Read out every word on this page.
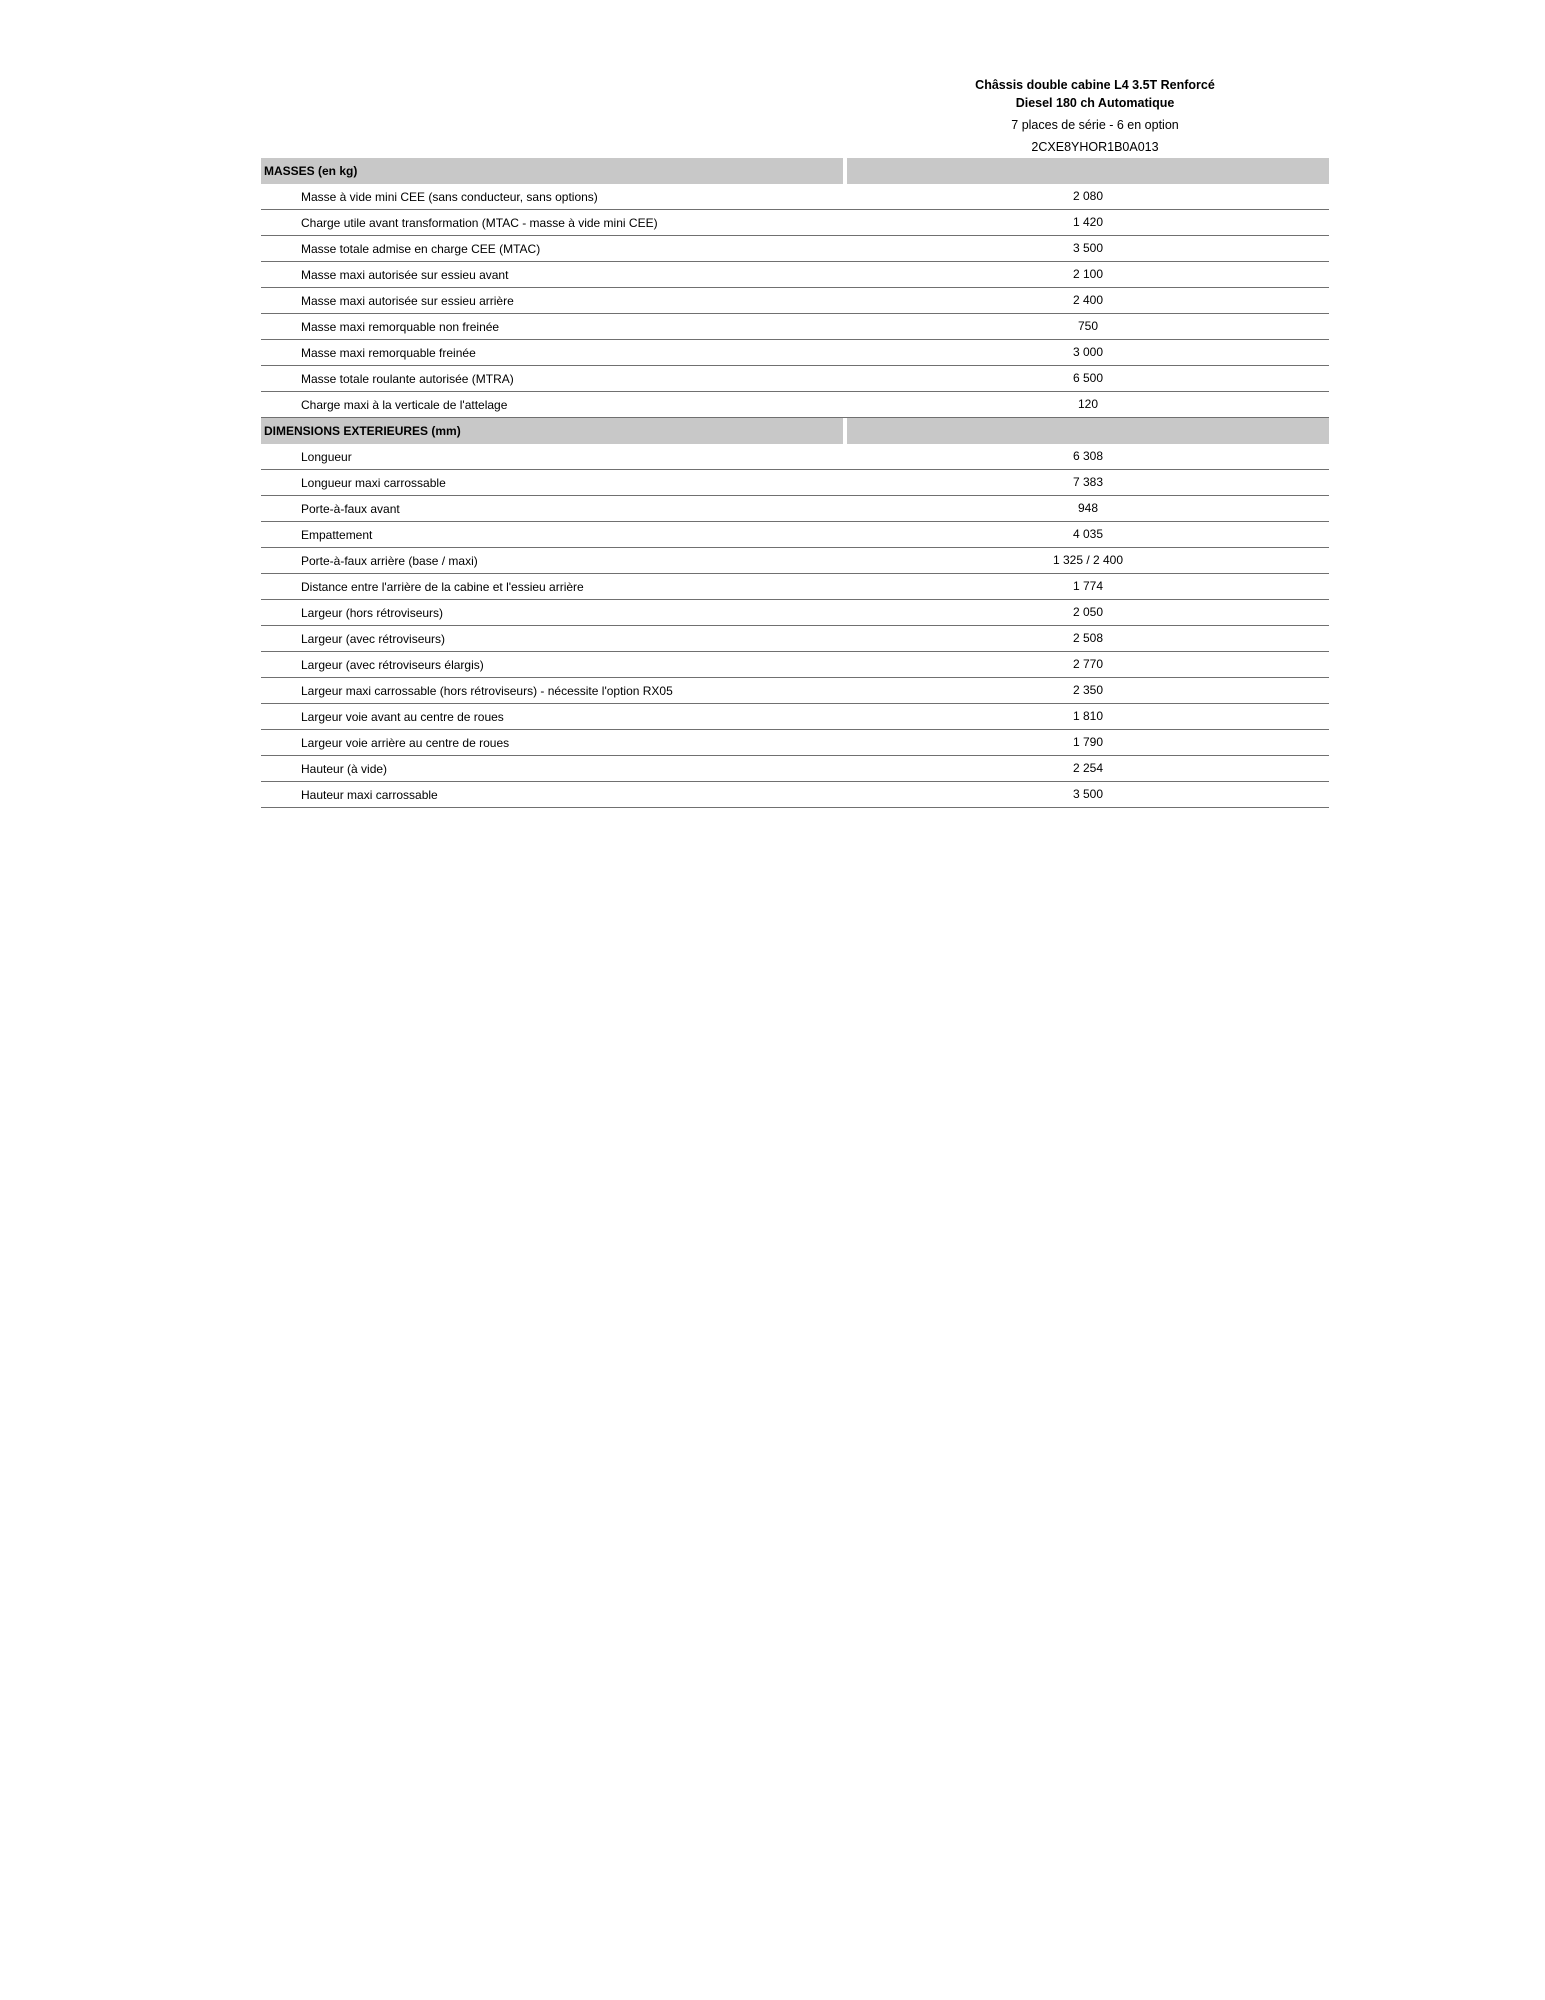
Châssis double cabine L4 3.5T Renforcé
Diesel 180 ch Automatique
7 places de série - 6 en option
2CXE8YHOR1B0A013
MASSES (en kg)
Masse à vide mini CEE (sans conducteur, sans options)	2 080
Charge utile avant transformation (MTAC - masse à vide mini CEE)	1 420
Masse totale admise en charge CEE (MTAC)	3 500
Masse maxi autorisée sur essieu avant	2 100
Masse maxi autorisée sur essieu arrière	2 400
Masse maxi remorquable non freinée	750
Masse maxi remorquable freinée	3 000
Masse totale roulante autorisée (MTRA)	6 500
Charge maxi à la verticale de l'attelage	120
DIMENSIONS EXTERIEURES (mm)
Longueur	6 308
Longueur maxi carrossable	7 383
Porte-à-faux avant	948
Empattement	4 035
Porte-à-faux arrière (base / maxi)	1 325 / 2 400
Distance entre l'arrière de la cabine et l'essieu arrière	1 774
Largeur (hors rétroviseurs)	2 050
Largeur (avec rétroviseurs)	2 508
Largeur (avec rétroviseurs élargis)	2 770
Largeur maxi carrossable (hors rétroviseurs) - nécessite l'option RX05	2 350
Largeur voie avant au centre de roues	1 810
Largeur voie arrière au centre de roues	1 790
Hauteur (à vide)	2 254
Hauteur maxi carrossable	3 500
